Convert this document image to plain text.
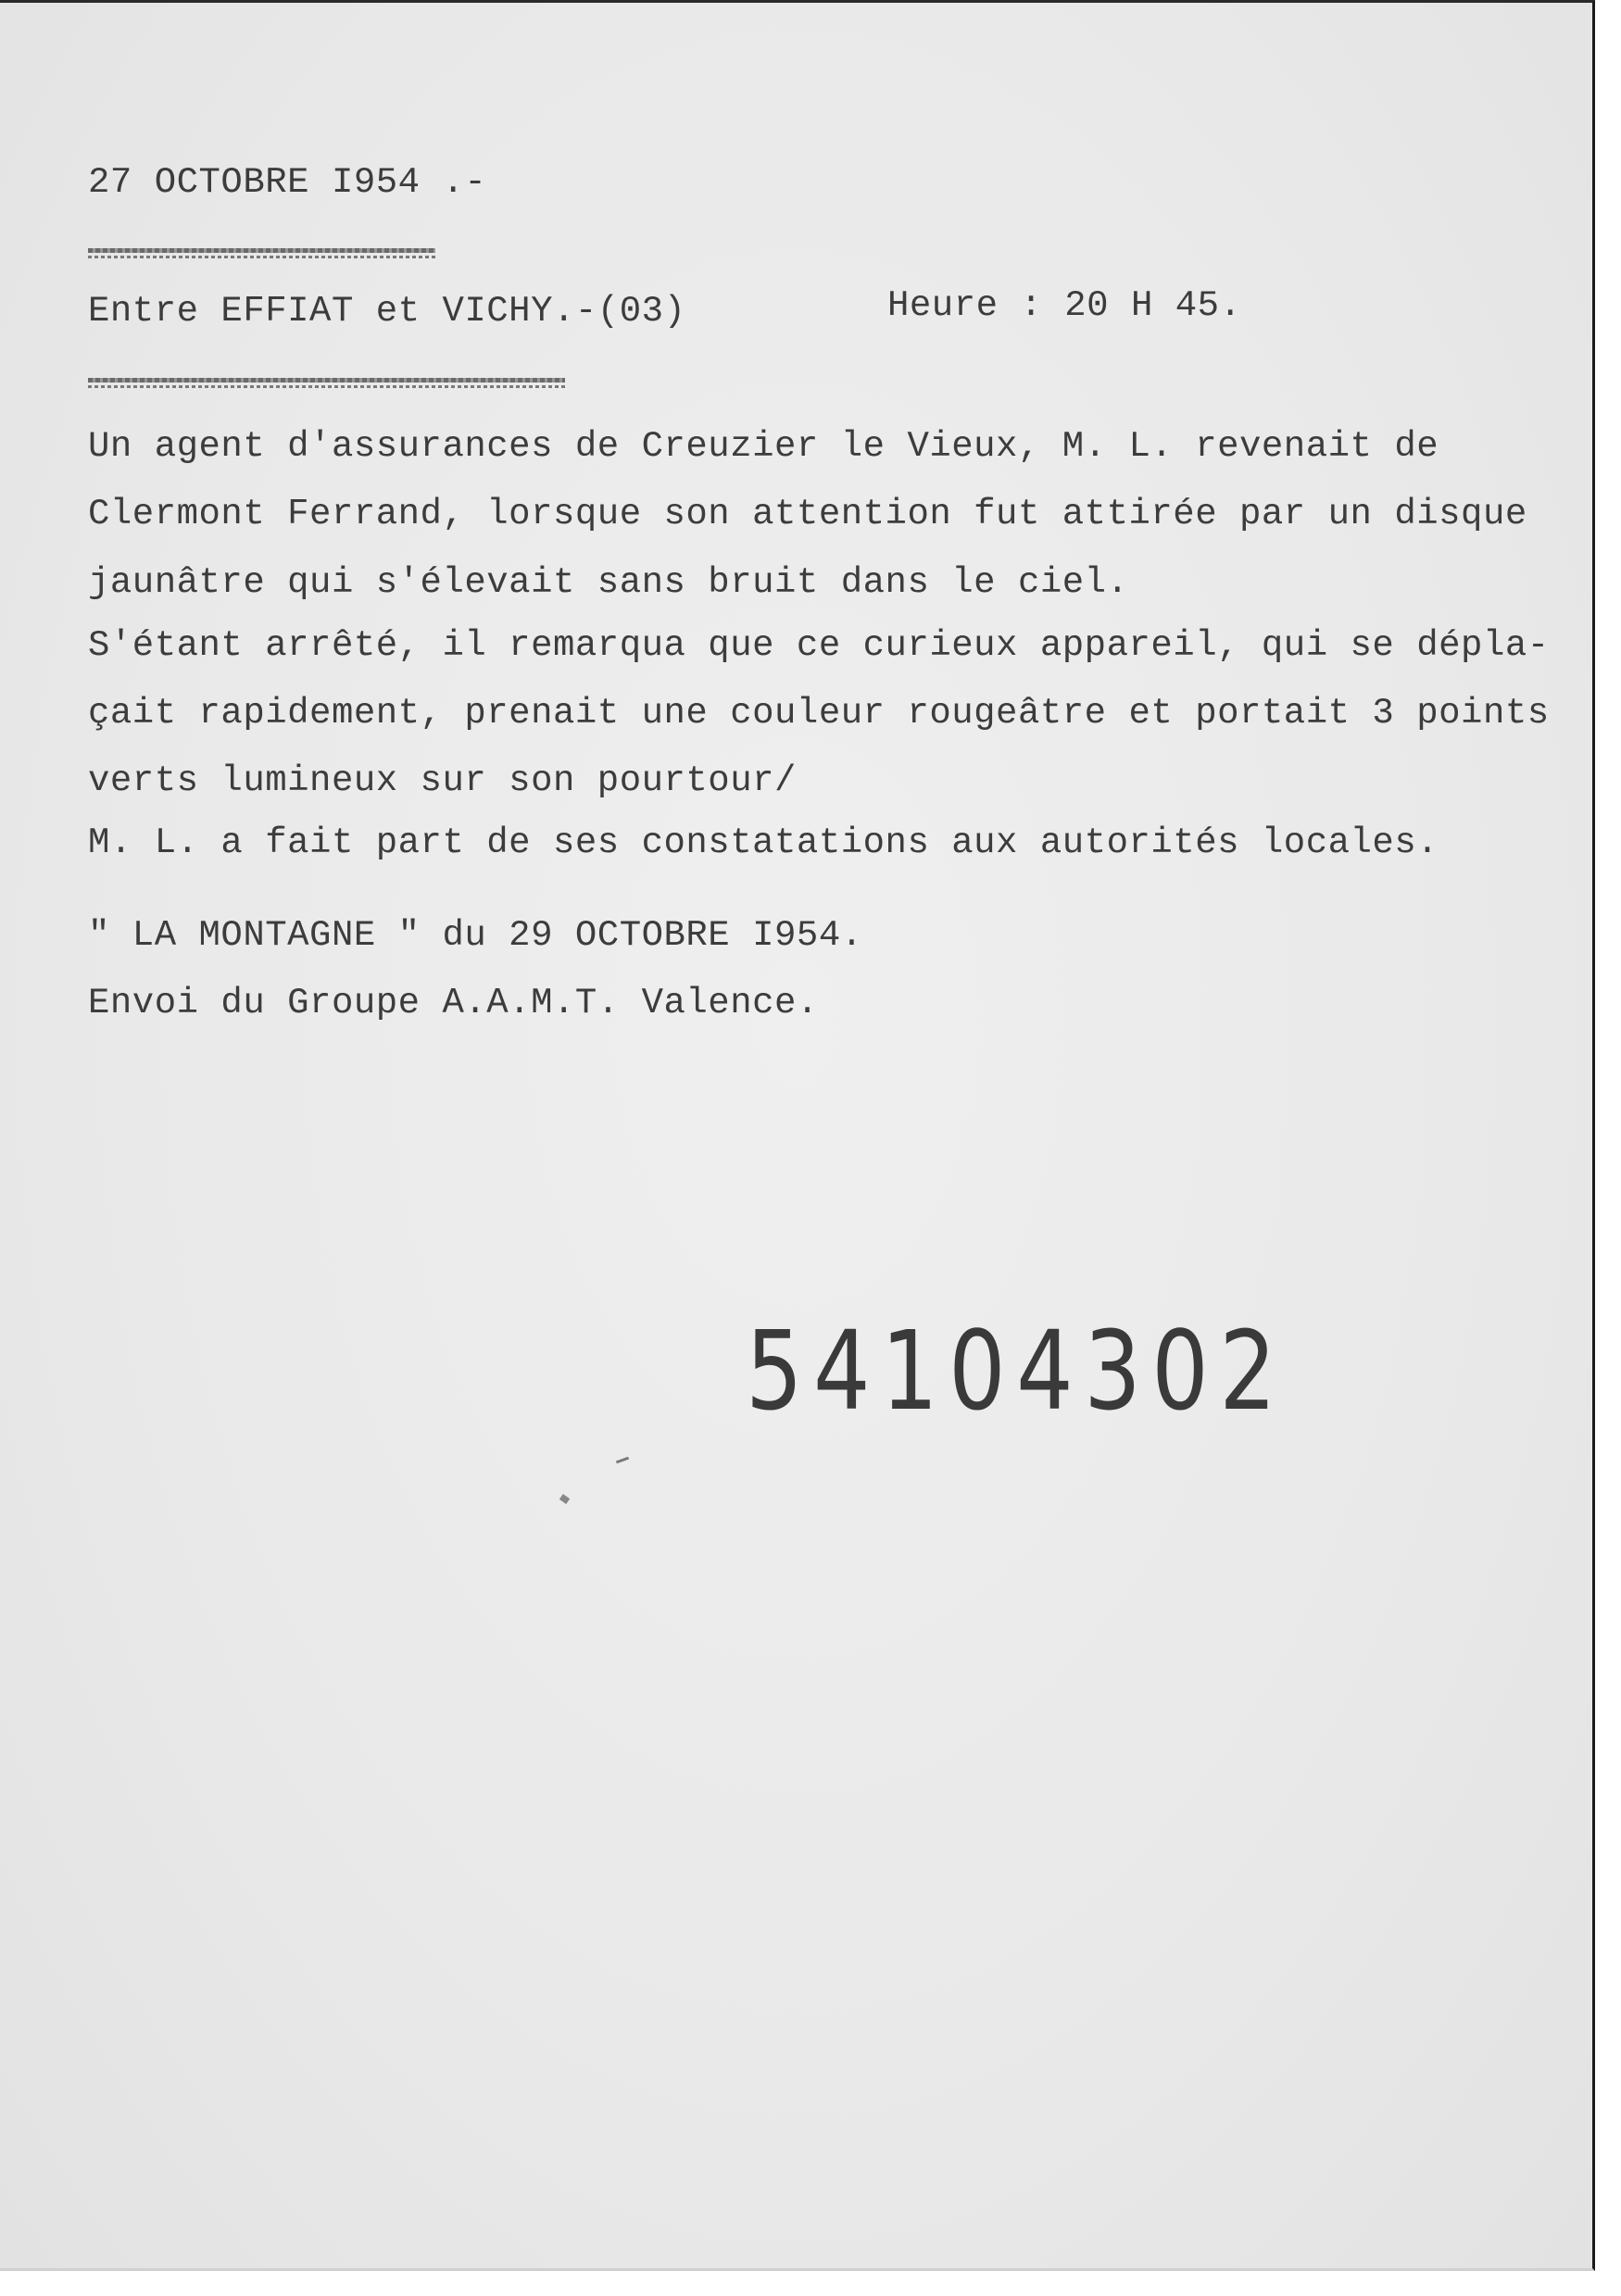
27 OCTOBRE I954 .-
Entre EFFIAT et VICHY.-(03)	Heure : 20 H 45.
Un agent d'assurances de Creuzier le Vieux, M. L. revenait de
Clermont Ferrand, lorsque son attention fut attirée par un disque
jaunâtre qui s'élevait sans bruit dans le ciel.
S'étant arrêté, il remarqua que ce curieux appareil, qui se dépla-
çait rapidement, prenait une couleur rougeâtre et portait 3 points
verts lumineux sur son pourtour/
M. L. a fait part de ses constatations aux autorités locales.
" LA MONTAGNE " du 29 OCTOBRE I954.
Envoi du Groupe A.A.M.T. Valence.
54104302
